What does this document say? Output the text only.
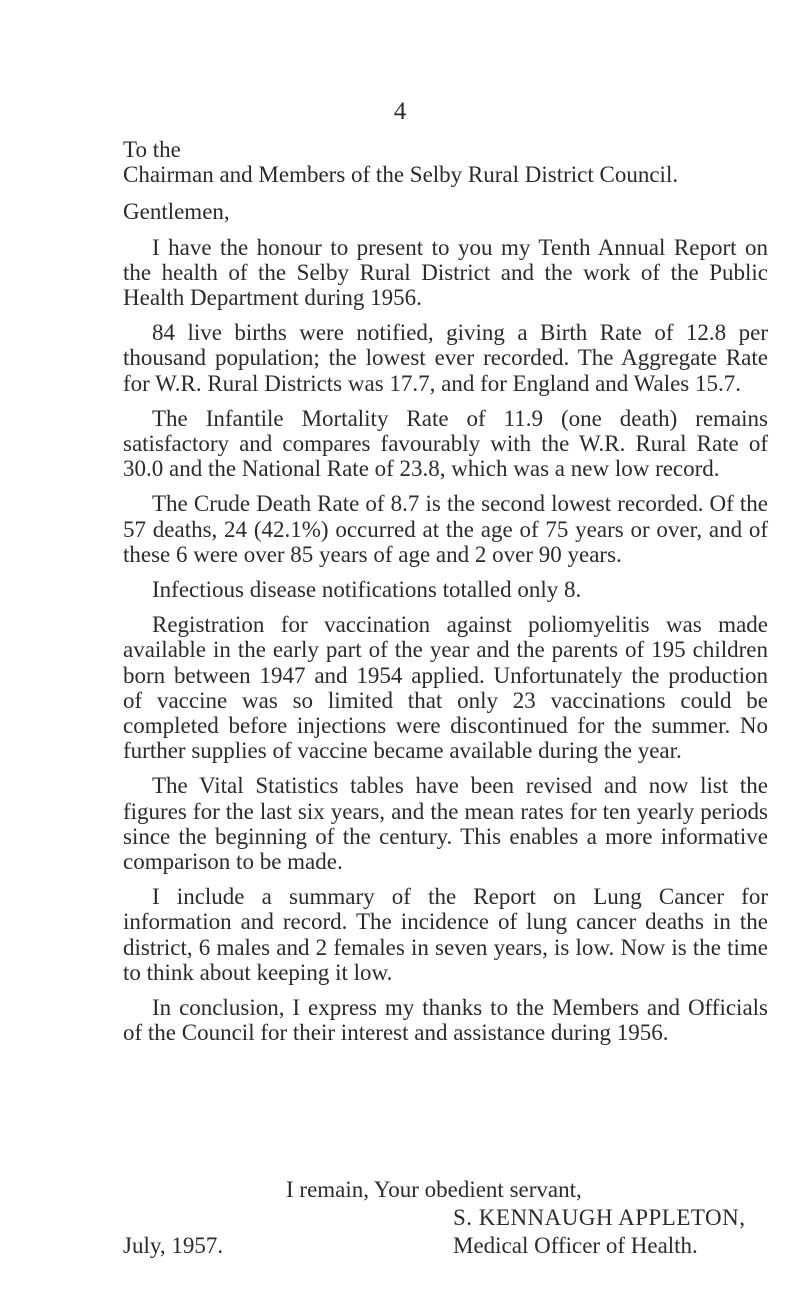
4

To the

Chairman and Members of the Selby Rural District Council.

Gentlemen,

I have the honour to present to you my Tenth Annual Report on the health of the Selby Rural District and the work of the Public Health Department during 1956.

84 live births were notified, giving a Birth Rate of 12.8 per thousand population; the lowest ever recorded. The Aggregate Rate for W.R. Rural Districts was 17.7, and for England and Wales 15.7.

The Infantile Mortality Rate of 11.9 (one death) remains satisfactory and compares favourably with the W.R. Rural Rate of 30.0 and the National Rate of 23.8, which was a new low record.

The Crude Death Rate of 8.7 is the second lowest recorded. Of the 57 deaths, 24 (42.1%) occurred at the age of 75 years or over, and of these 6 were over 85 years of age and 2 over 90 years.

Infectious disease notifications totalled only 8.

Registration for vaccination against poliomyelitis was made available in the early part of the year and the parents of 195 children born between 1947 and 1954 applied. Unfortunately the production of vaccine was so limited that only 23 vaccinations could be completed before injections were discontinued for the summer. No further supplies of vaccine became available during the year.

The Vital Statistics tables have been revised and now list the figures for the last six years, and the mean rates for ten yearly periods since the beginning of the century. This enables a more informative comparison to be made.

I include a summary of the Report on Lung Cancer for information and record. The incidence of lung cancer deaths in the district, 6 males and 2 females in seven years, is low. Now is the time to think about keeping it low.

In conclusion, I express my thanks to the Members and Officials of the Council for their interest and assistance during 1956.

I remain, Your obedient servant,

S. KENNAUGH APPLETON,
July, 1957.	Medical Officer of Health.
